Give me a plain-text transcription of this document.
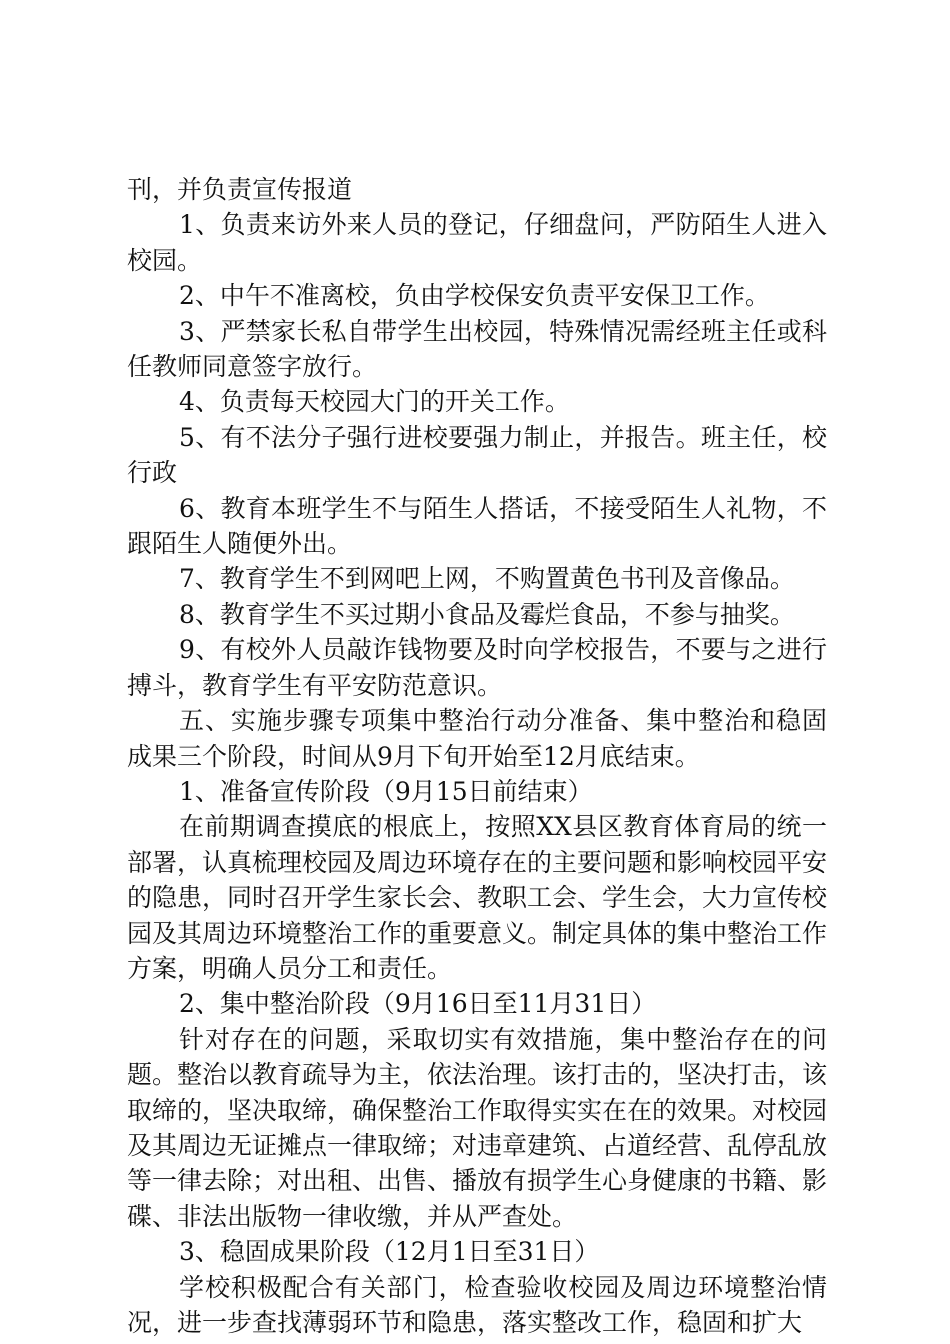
刊，并负责宣传报道

1、负责来访外来人员的登记，仔细盘问，严防陌生人进入校园。

2、中午不准离校，负由学校保安负责平安保卫工作。

3、严禁家长私自带学生出校园，特殊情况需经班主任或科任教师同意签字放行。

4、负责每天校园大门的开关工作。

5、有不法分子强行进校要强力制止，并报告。班主任，校行政

6、教育本班学生不与陌生人搭话，不接受陌生人礼物，不跟陌生人随便外出。

7、教育学生不到网吧上网，不购置黄色书刊及音像品。

8、教育学生不买过期小食品及霉烂食品，不参与抽奖。

9、有校外人员敲诈钱物要及时向学校报告，不要与之进行搏斗，教育学生有平安防范意识。

五、实施步骤专项集中整治行动分准备、集中整治和稳固成果三个阶段，时间从9月下旬开始至12月底结束。

1、准备宣传阶段（9月15日前结束）

在前期调查摸底的根底上，按照XX县区教育体育局的统一部署，认真梳理校园及周边环境存在的主要问题和影响校园平安的隐患，同时召开学生家长会、教职工会、学生会，大力宣传校园及其周边环境整治工作的重要意义。制定具体的集中整治工作方案，明确人员分工和责任。

2、集中整治阶段（9月16日至11月31日）

针对存在的问题，采取切实有效措施，集中整治存在的问题。整治以教育疏导为主，依法治理。该打击的，坚决打击，该取缔的，坚决取缔，确保整治工作取得实实在在的效果。对校园及其周边无证摊点一律取缔；对违章建筑、占道经营、乱停乱放等一律去除；对出租、出售、播放有损学生心身健康的书籍、影碟、非法出版物一律收缴，并从严查处。

3、稳固成果阶段（12月1日至31日）

学校积极配合有关部门，检查验收校园及周边环境整治情况，进一步查找薄弱环节和隐患，落实整改工作，稳固和扩大
